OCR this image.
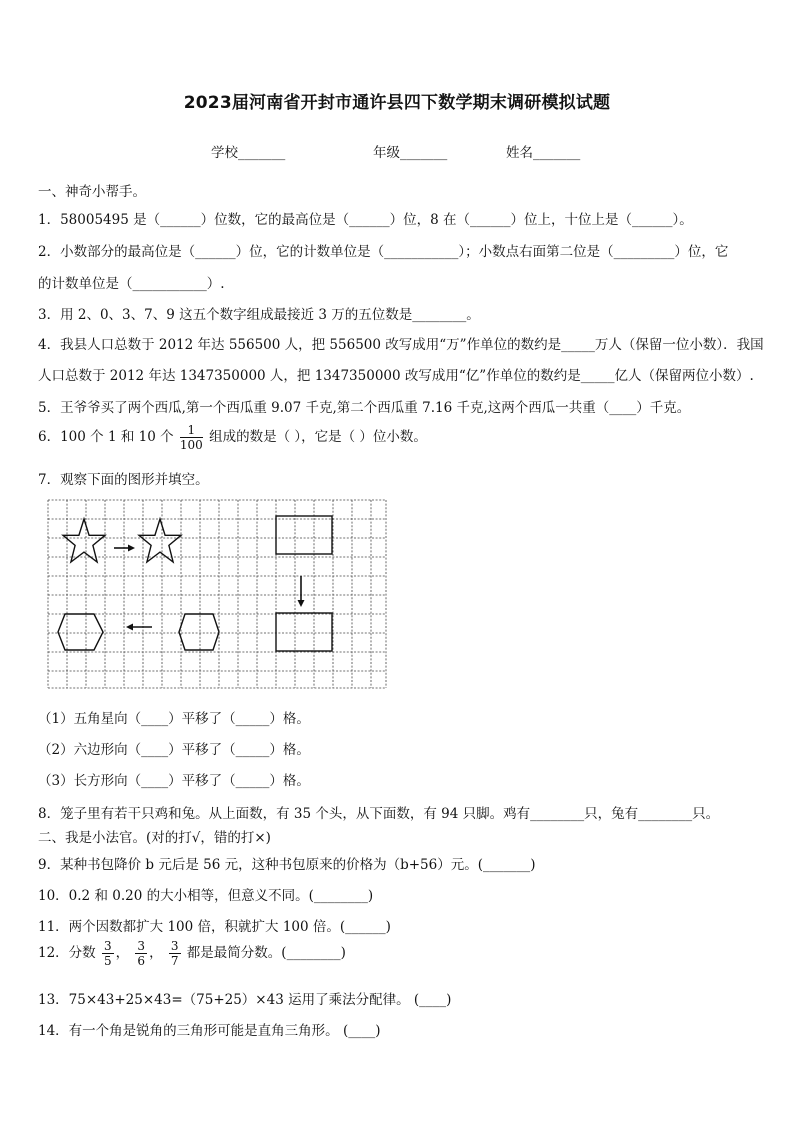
2023届河南省开封市通许县四下数学期末调研模拟试题
学校_______	年级_______	姓名_______
一、神奇小帮手。
1．58005495 是（______）位数，它的最高位是（______）位，8 在（______）位上，十位上是（______）。
2．小数部分的最高位是（______）位，它的计数单位是（___________）；小数点右面第二位是（_________）位，它
的计数单位是（___________）.
3．用 2、0、3、7、9 这五个数字组成最接近 3 万的五位数是________。
4．我县人口总数于 2012 年达 556500 人，把 556500 改写成用“万”作单位的数约是_____万人（保留一位小数）．我国
人口总数于 2012 年达 1347350000 人，把 1347350000 改写成用“亿”作单位的数约是_____亿人（保留两位小数）.
5．王爷爷买了两个西瓜,第一个西瓜重 9.07 千克,第二个西瓜重 7.16 千克,这两个西瓜一共重（____）千克。
6．100 个 1 和 10 个 $\frac{1}{100}$ 组成的数是（ ），它是（ ）位小数。
7．观察下面的图形并填空。
（1）五角星向（____）平移了（_____）格。
（2）六边形向（____）平移了（_____）格。
（3）长方形向（____）平移了（_____）格。
8．笼子里有若干只鸡和兔。从上面数，有 35 个头，从下面数，有 94 只脚。鸡有________只，兔有________只。
二、我是小法官。(对的打√，错的打×)
9．某种书包降价 b 元后是 56 元，这种书包原来的价格为（b+56）元。(_______)
10．0.2 和 0.20 的大小相等，但意义不同。(________)
11．两个因数都扩大 100 倍，积就扩大 100 倍。(______)
12．分数 $\frac{3}{5}$ ， $\frac{3}{6}$ ， $\frac{3}{7}$ 都是最简分数。(________)
13．75×43+25×43=（75+25）×43 运用了乘法分配律。 (____)
14．有一个角是锐角的三角形可能是直角三角形。 (____)
